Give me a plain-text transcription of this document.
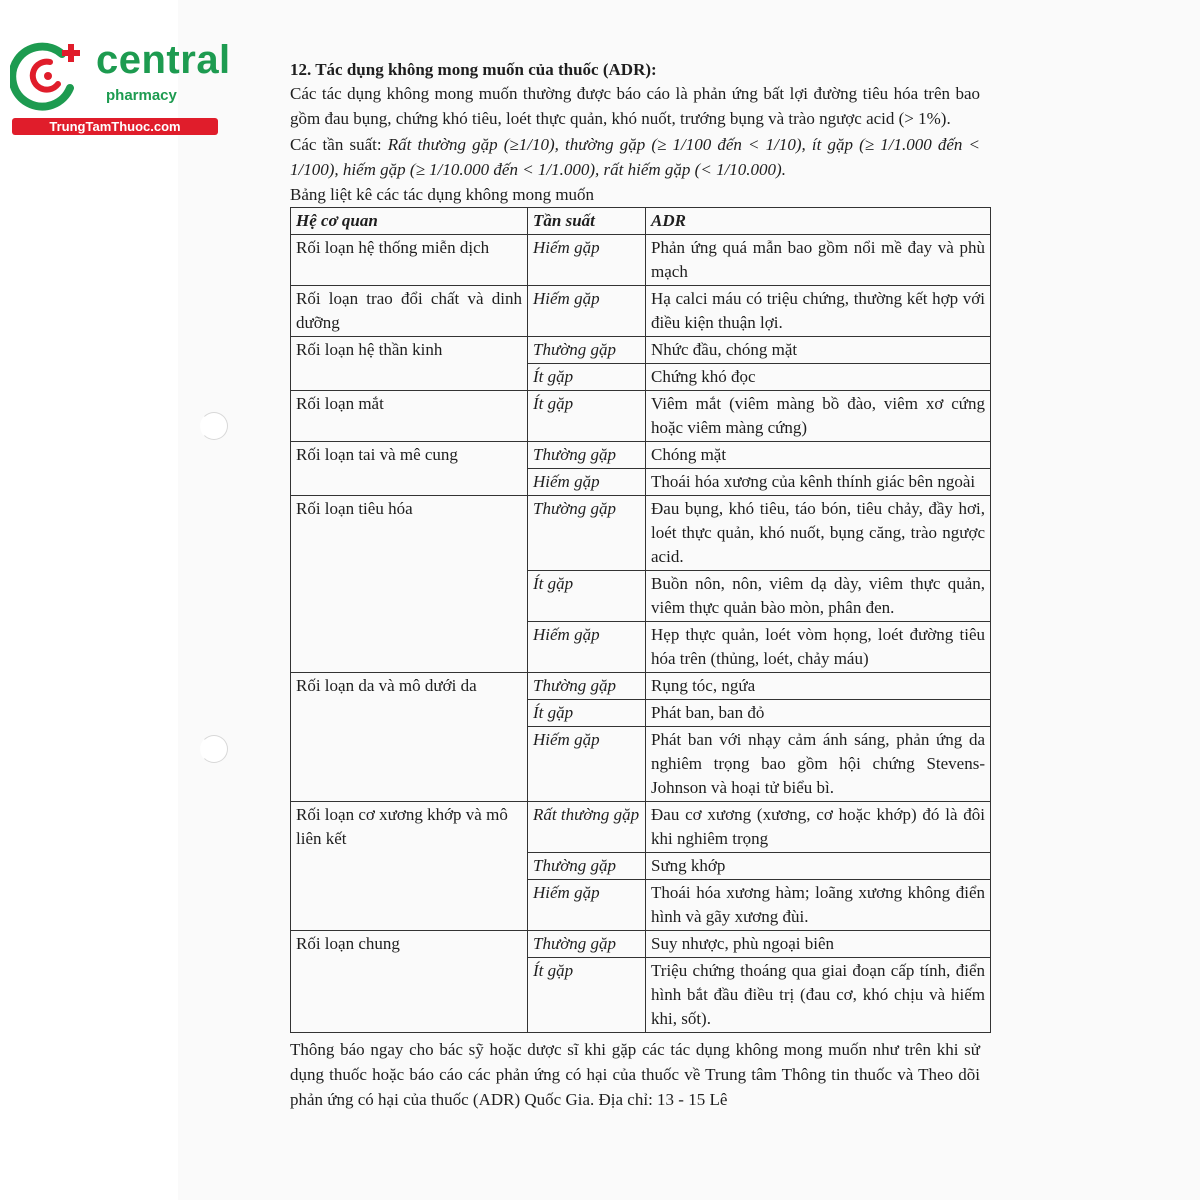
central
pharmacy
TrungTamThuoc.com
12. Tác dụng không mong muốn của thuốc (ADR):

Các tác dụng không mong muốn thường được báo cáo là phản ứng bất lợi đường tiêu hóa trên bao gồm đau bụng, chứng khó tiêu, loét thực quản, khó nuốt, trướng bụng và trào ngược acid (> 1%).

Các tần suất: Rất thường gặp (≥1/10), thường gặp (≥ 1/100 đến < 1/10), ít gặp (≥ 1/1.000 đến < 1/100), hiếm gặp (≥ 1/10.000 đến < 1/1.000), rất hiếm gặp (< 1/10.000).

Bảng liệt kê các tác dụng không mong muốn

Hệ cơ quan	Tần suất	ADR
Rối loạn hệ thống miễn dịch	Hiếm gặp	Phản ứng quá mẫn bao gồm nổi mề đay và phù mạch
Rối loạn trao đổi chất và dinh dưỡng	Hiếm gặp	Hạ calci máu có triệu chứng, thường kết hợp với điều kiện thuận lợi.
Rối loạn hệ thần kinh	Thường gặp	Nhức đầu, chóng mặt
	Ít gặp	Chứng khó đọc
Rối loạn mắt	Ít gặp	Viêm mắt (viêm màng bồ đào, viêm xơ cứng hoặc viêm màng cứng)
Rối loạn tai và mê cung	Thường gặp	Chóng mặt
	Hiếm gặp	Thoái hóa xương của kênh thính giác bên ngoài
Rối loạn tiêu hóa	Thường gặp	Đau bụng, khó tiêu, táo bón, tiêu chảy, đầy hơi, loét thực quản, khó nuốt, bụng căng, trào ngược acid.
	Ít gặp	Buồn nôn, nôn, viêm dạ dày, viêm thực quản, viêm thực quản bào mòn, phân đen.
	Hiếm gặp	Hẹp thực quản, loét vòm họng, loét đường tiêu hóa trên (thủng, loét, chảy máu)
Rối loạn da và mô dưới da	Thường gặp	Rụng tóc, ngứa
	Ít gặp	Phát ban, ban đỏ
	Hiếm gặp	Phát ban với nhạy cảm ánh sáng, phản ứng da nghiêm trọng bao gồm hội chứng Stevens-Johnson và hoại tử biểu bì.
Rối loạn cơ xương khớp và mô liên kết	Rất thường gặp	Đau cơ xương (xương, cơ hoặc khớp) đó là đôi khi nghiêm trọng
	Thường gặp	Sưng khớp
	Hiếm gặp	Thoái hóa xương hàm; loãng xương không điển hình và gãy xương đùi.
Rối loạn chung	Thường gặp	Suy nhược, phù ngoại biên
	Ít gặp	Triệu chứng thoáng qua giai đoạn cấp tính, điển hình bắt đầu điều trị (đau cơ, khó chịu và hiếm khi, sốt).

Thông báo ngay cho bác sỹ hoặc dược sĩ khi gặp các tác dụng không mong muốn như trên khi sử dụng thuốc hoặc báo cáo các phản ứng có hại của thuốc về Trung tâm Thông tin thuốc và Theo dõi phản ứng có hại của thuốc (ADR) Quốc Gia. Địa chỉ: 13 - 15 Lê
